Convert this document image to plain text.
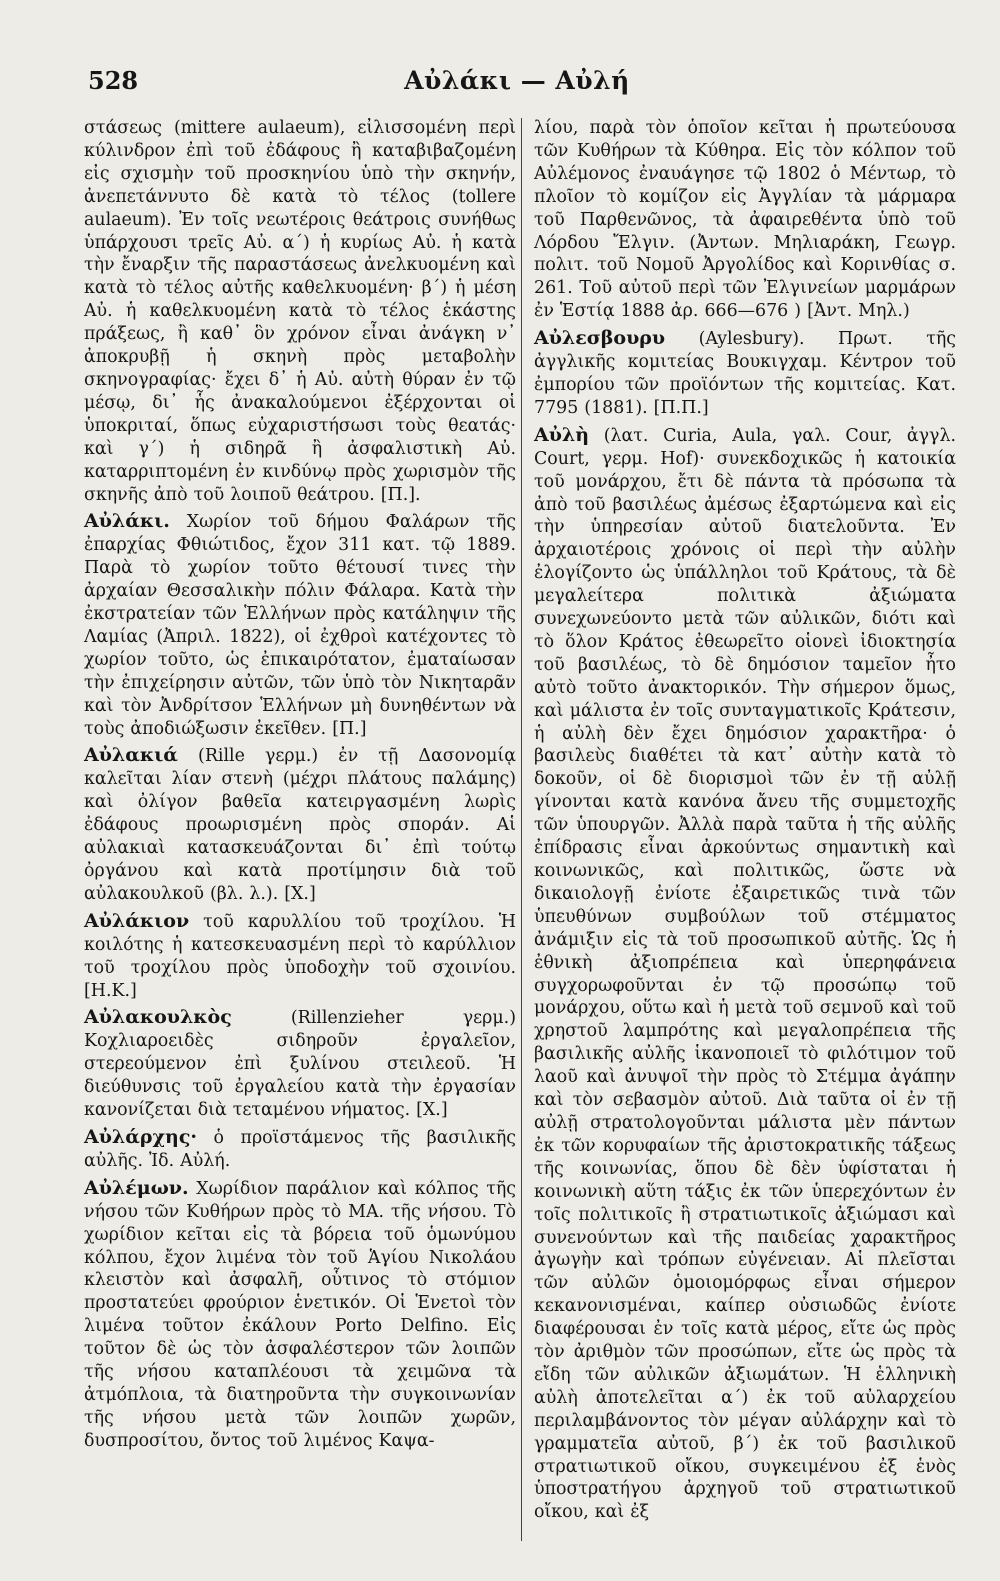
528	Αὐλάκι — Αὐλή

στάσεως (mittere aulaeum), εἰλισσομένη περὶ κύλινδρον ἐπὶ τοῦ ἐδάφους ἢ καταβιβαζομένη εἰς σχισμὴν τοῦ προσκηνίου ὑπὸ τὴν σκηνήν, ἀνεπετάννυτο δὲ κατὰ τὸ τέλος (tollere aulaeum). Ἐν τοῖς νεωτέροις θεάτροις συνήθως ὑπάρχουσι τρεῖς Αὐ. α΄) ἡ κυρίως Αὐ. ἡ κατὰ τὴν ἔναρξιν τῆς παραστάσεως ἀνελκυομένη καὶ κατὰ τὸ τέλος αὐτῆς καθελκυομένη· β΄) ἡ μέση Αὐ. ἡ καθελκυομένη κατὰ τὸ τέλος ἑκάστης πράξεως, ἢ καθ᾽ ὃν χρόνον εἶναι ἀνάγκη ν᾽ ἀποκρυβῇ ἡ σκηνὴ πρὸς μεταβολὴν σκηνογραφίας· ἔχει δ᾽ ἡ Αὐ. αὐτὴ θύραν ἐν τῷ μέσῳ, δι᾽ ἧς ἀνακαλούμενοι ἐξέρχονται οἱ ὑποκριταί, ὅπως εὐχαριστήσωσι τοὺς θεατάς· καὶ γ΄) ἡ σιδηρᾶ ἢ ἀσφαλιστικὴ Αὐ. καταρριπτομένη ἐν κινδύνῳ πρὸς χωρισμὸν τῆς σκηνῆς ἀπὸ τοῦ λοιποῦ θεάτρου. [Π.].

Αὐλάκι. Χωρίον τοῦ δήμου Φαλάρων τῆς ἐπαρχίας Φθιώτιδος, ἔχον 311 κατ. τῷ 1889. Παρὰ τὸ χωρίον τοῦτο θέτουσί τινες τὴν ἀρχαίαν Θεσσαλικὴν πόλιν Φάλαρα. Κατὰ τὴν ἐκστρατείαν τῶν Ἑλλήνων πρὸς κατάληψιν τῆς Λαμίας (Ἀπριλ. 1822), οἱ ἐχθροὶ κατέχοντες τὸ χωρίον τοῦτο, ὡς ἐπικαιρότατον, ἐματαίωσαν τὴν ἐπιχείρησιν αὐτῶν, τῶν ὑπὸ τὸν Νικηταρᾶν καὶ τὸν Ἀνδρίτσον Ἑλλήνων μὴ δυνηθέντων νὰ τοὺς ἀποδιώξωσιν ἐκεῖθεν. [Π.]

Αὐλακιά (Rille γερμ.) ἐν τῇ Δασονομίᾳ καλεῖται λίαν στενὴ (μέχρι πλάτους παλάμης) καὶ ὀλίγον βαθεῖα κατειργασμένη λωρὶς ἐδάφους προωρισμένη πρὸς σποράν. Αἱ αὐλακιαὶ κατασκευάζονται δι᾽ ἐπὶ τούτῳ ὀργάνου καὶ κατὰ προτίμησιν διὰ τοῦ αὐλακουλκοῦ (βλ. λ.). [Χ.]

Αὐλάκιον τοῦ καρυλλίου τοῦ τροχίλου. Ἡ κοιλότης ἡ κατεσκευασμένη περὶ τὸ καρύλλιον τοῦ τροχίλου πρὸς ὑποδοχὴν τοῦ σχοινίου. [Η.Κ.]

Αὐλακουλκὸς	(Rillenzieher γερμ.) Κοχλιαροειδὲς σιδηροῦν ἐργαλεῖον, στερεούμενον ἐπὶ ξυλίνου στειλεοῦ. Ἡ διεύθυνσις τοῦ ἐργαλείου κατὰ τὴν ἐργασίαν κανονίζεται διὰ τεταμένου νήματος. [Χ.]

Αὐλάρχης· ὁ προϊστάμενος τῆς βασιλικῆς αὐλῆς. Ἰδ. Αὐλή.

Αὐλέμων. Χωρίδιον παράλιον καὶ κόλπος τῆς νήσου τῶν Κυθήρων πρὸς τὸ ΜΑ. τῆς νήσου. Τὸ χωρίδιον κεῖται εἰς τὰ βόρεια τοῦ ὁμωνύμου κόλπου, ἔχον λιμένα τὸν τοῦ Ἁγίου Νικολάου κλειστὸν καὶ ἀσφαλῆ, οὗτινος τὸ στόμιον προστατεύει φρούριον ἑνετικόν. Οἱ Ἑνετοὶ τὸν λιμένα τοῦτον ἐκάλουν Porto Delfino. Εἰς τοῦτον δὲ ὡς τὸν ἀσφαλέστερον τῶν λοιπῶν τῆς νήσου καταπλέουσι τὰ χειμῶνα τὰ ἀτμόπλοια, τὰ διατηροῦντα τὴν συγκοινωνίαν τῆς νήσου μετὰ τῶν λοιπῶν χωρῶν, δυσπροσίτου, ὄντος τοῦ λιμένος Καψα-

λίου, παρὰ τὸν ὁποῖον κεῖται ἡ πρωτεύουσα τῶν Κυθήρων τὰ Κύθηρα. Εἰς τὸν κόλπον τοῦ Αὐλέμονος ἐναυάγησε τῷ 1802 ὁ Μέντωρ, τὸ πλοῖον τὸ κομίζον εἰς Ἀγγλίαν τὰ μάρμαρα τοῦ Παρθενῶνος, τὰ ἀφαιρεθέντα ὑπὸ τοῦ Λόρδου Ἔλγιν. (Ἀντων. Μηλιαράκη, Γεωγρ. πολιτ. τοῦ Νομοῦ Ἀργολίδος καὶ Κορινθίας σ. 261. Τοῦ αὐτοῦ περὶ τῶν Ἐλγινείων μαρμάρων ἐν Ἑστίᾳ 1888 ἀρ. 666—676 ) [Ἀντ. Μηλ.)

Αὐλεσβουρυ (Aylesbury). Πρωτ. τῆς ἀγγλικῆς κομιτείας Βουκιγχαμ. Κέντρον τοῦ ἐμπορίου τῶν προϊόντων τῆς κομιτείας. Κατ. 7795 (1881). [Π.Π.]

Αὐλὴ (λατ. Curia, Aula, γαλ. Cour, ἀγγλ. Court, γερμ. Hof)· συνεκδοχικῶς ἡ κατοικία τοῦ μονάρχου, ἔτι δὲ πάντα τὰ πρόσωπα τὰ ἀπὸ τοῦ βασιλέως ἀμέσως ἐξαρτώμενα καὶ εἰς τὴν ὑπηρεσίαν αὐτοῦ διατελοῦντα. Ἐν ἀρχαιοτέροις χρόνοις οἱ περὶ τὴν αὐλὴν ἐλογίζοντο ὡς ὑπάλληλοι τοῦ Κράτους, τὰ δὲ μεγαλείτερα πολιτικὰ ἀξιώματα συνεχωνεύοντο μετὰ τῶν αὐλικῶν, διότι καὶ τὸ ὅλον Κράτος ἐθεωρεῖτο οἱονεὶ ἰδιοκτησία τοῦ βασιλέως, τὸ δὲ δημόσιον ταμεῖον ἦτο αὐτὸ τοῦτο ἀνακτορικόν. Τὴν σήμερον ὅμως, καὶ μάλιστα ἐν τοῖς συνταγματικοῖς Κράτεσιν, ἡ αὐλὴ δὲν ἔχει δημόσιον χαρακτῆρα· ὁ βασιλεὺς διαθέτει τὰ κατ᾽ αὐτὴν κατὰ τὸ δοκοῦν, οἱ δὲ διορισμοὶ τῶν ἐν τῇ αὐλῇ γίνονται κατὰ κανόνα ἄνευ τῆς συμμετοχῆς τῶν ὑπουργῶν. Ἀλλὰ παρὰ ταῦτα ἡ τῆς αὐλῆς ἐπίδρασις εἶναι ἀρκούντως σημαντικὴ καὶ κοινωνικῶς, καὶ πολιτικῶς, ὥστε νὰ δικαιολογῇ ἐνίοτε ἐξαιρετικῶς τινὰ τῶν ὑπευθύνων συμβούλων τοῦ στέμματος ἀνάμιξιν εἰς τὰ τοῦ προσωπικοῦ αὐτῆς. Ὡς ἡ ἐθνικὴ ἀξιοπρέπεια καὶ ὑπερηφάνεια συγχορωφοῦνται ἐν τῷ προσώπῳ τοῦ μονάρχου, οὕτω καὶ ἡ μετὰ τοῦ σεμνοῦ καὶ τοῦ χρηστοῦ λαμπρότης καὶ μεγαλοπρέπεια τῆς βασιλικῆς αὐλῆς ἱκανοποιεῖ τὸ φιλότιμον τοῦ λαοῦ καὶ ἀνυψοῖ τὴν πρὸς τὸ Στέμμα ἀγάπην καὶ τὸν σεβασμὸν αὐτοῦ. Διὰ ταῦτα οἱ ἐν τῇ αὐλῇ στρατολογοῦνται μάλιστα μὲν πάντων ἐκ τῶν κορυφαίων τῆς ἀριστοκρατικῆς τάξεως τῆς κοινωνίας, ὅπου δὲ δὲν ὑφίσταται ἡ κοινωνικὴ αὕτη τάξις ἐκ τῶν ὑπερεχόντων ἐν τοῖς πολιτικοῖς ἢ στρατιωτικοῖς ἀξιώμασι καὶ συνενούντων καὶ τῆς παιδείας χαρακτῆρος ἀγωγὴν καὶ τρόπων εὐγένειαν. Αἱ πλεῖσται τῶν αὐλῶν ὁμοιομόρφως εἶναι σήμερον κεκανονισμέναι, καίπερ οὐσιωδῶς ἐνίοτε διαφέρουσαι ἐν τοῖς κατὰ μέρος, εἴτε ὡς πρὸς τὸν ἀριθμὸν τῶν προσώπων, εἴτε ὡς πρὸς τὰ εἴδη τῶν αὐλικῶν ἀξιωμάτων. Ἡ ἑλληνικὴ αὐλὴ ἀποτελεῖται α΄) ἐκ τοῦ αὐλαρχείου περιλαμβάνοντος τὸν μέγαν αὐλάρχην καὶ τὸ γραμματεῖα αὐτοῦ, β΄) ἐκ τοῦ βασιλικοῦ στρατιωτικοῦ οἴκου, συγκειμένου ἐξ ἑνὸς ὑποστρατήγου ἀρχηγοῦ τοῦ στρατιωτικοῦ οἴκου, καὶ ἐξ
